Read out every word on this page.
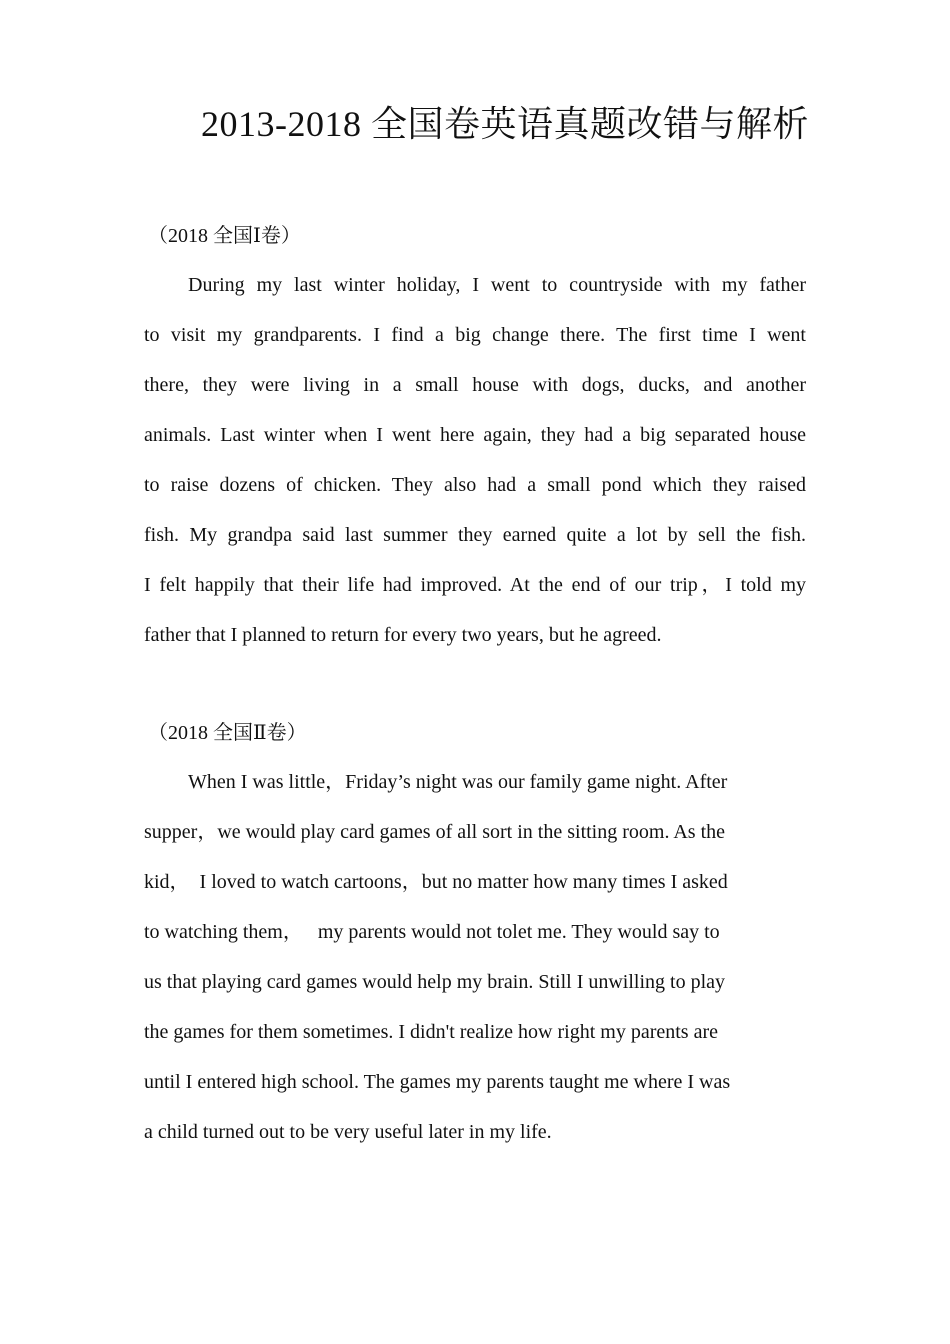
2013-2018 全国卷英语真题改错与解析
（2018 全国Ⅰ卷）
During my last winter holiday, I went to countryside with my father
to visit my grandparents. I find a big change there. The first time I went
there, they were living in a small house with dogs, ducks, and another
animals. Last winter when I went here again, they had a big separated house
to raise dozens of chicken. They also had a small pond which they raised
fish. My grandpa said last summer they earned quite a lot by sell the fish.
I felt happily that their life had improved. At the end of our trip，I told my
father that I planned to return for every two years, but he agreed.
（2018 全国Ⅱ卷）
When I was little，Friday’s night was our family game night. After
supper，we would play card games of all sort in the sitting room. As the
kid，  I loved to watch cartoons，but no matter how many times I asked
to watching them，   my parents would not tolet me. They would say to
us that playing card games would help my brain. Still I unwilling to play
the games for them sometimes. I didn't realize how right my parents are
until I entered high school. The games my parents taught me where I was
a child turned out to be very useful later in my life.
